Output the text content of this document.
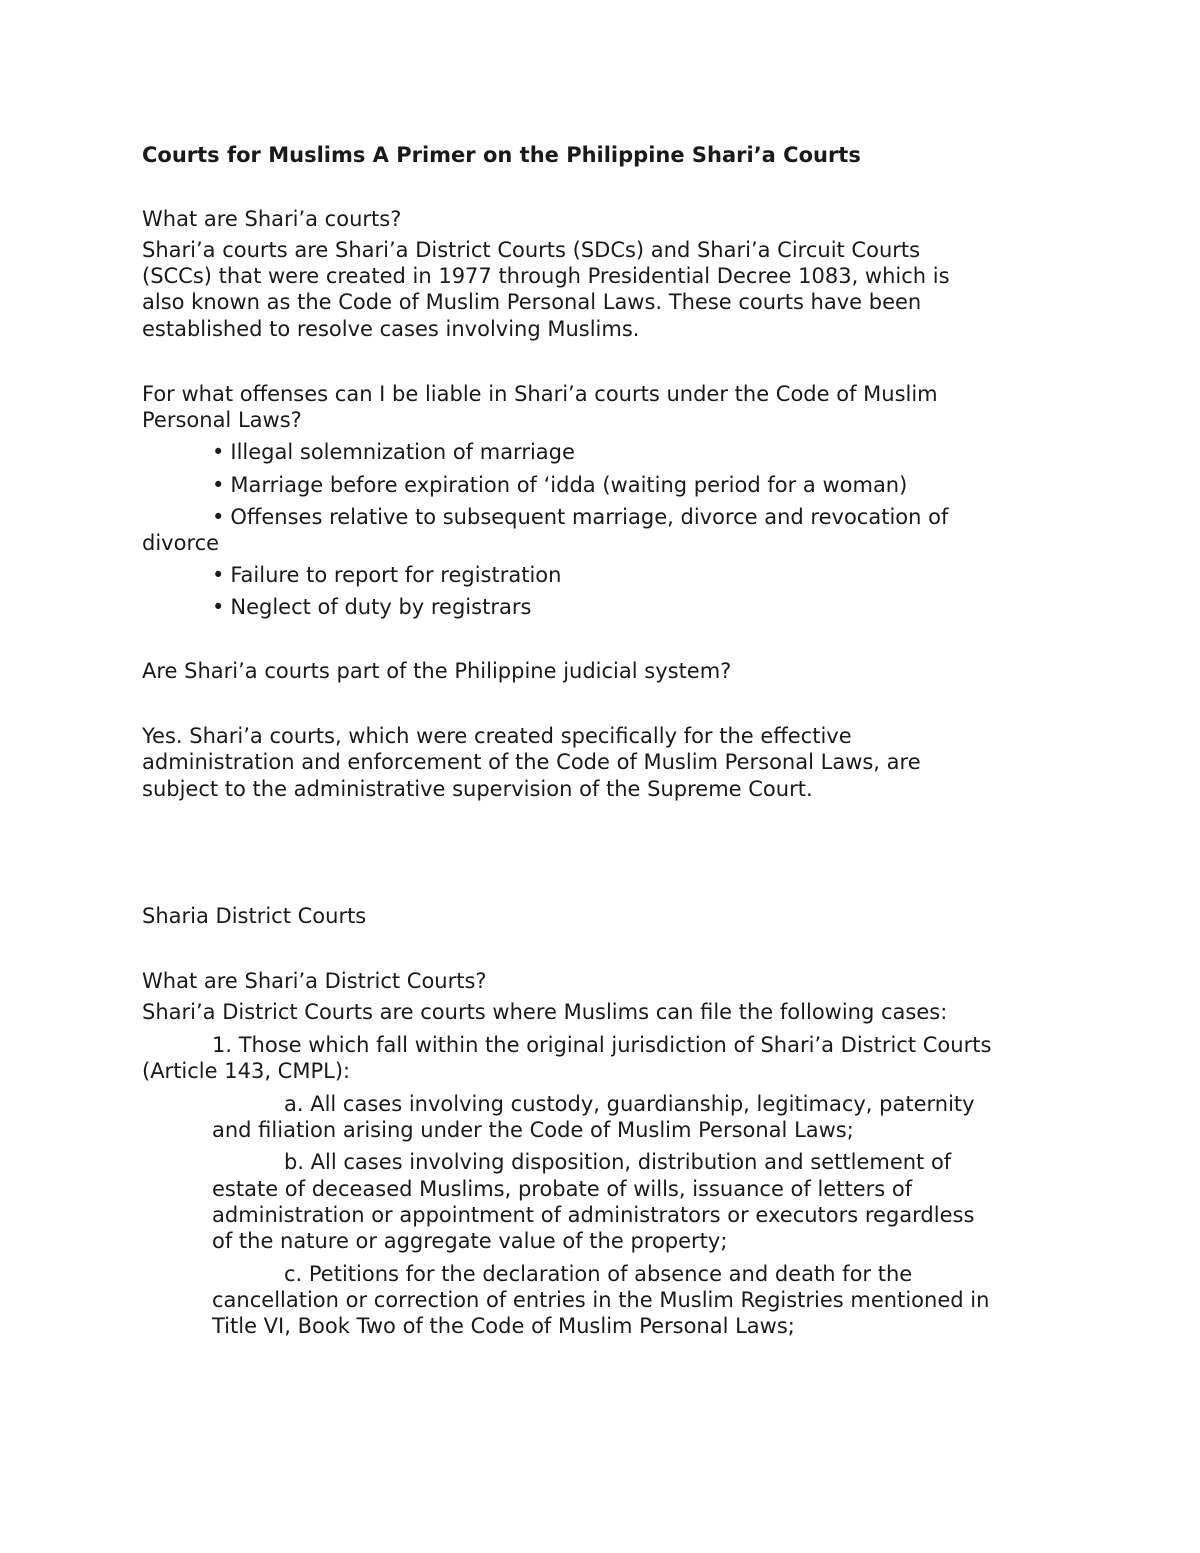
Courts for Muslims A Primer on the Philippine Shari’a Courts

What are Shari’a courts?

Shari’a courts are Shari’a District Courts (SDCs) and Shari’a Circuit Courts

(SCCs) that were created in 1977 through Presidential Decree 1083, which is

also known as the Code of Muslim Personal Laws. These courts have been

established to resolve cases involving Muslims.

For what offenses can I be liable in Shari’a courts under the Code of Muslim

Personal Laws?

• Illegal solemnization of marriage

• Marriage before expiration of ‘idda (waiting period for a woman)

• Offenses relative to subsequent marriage, divorce and revocation of

divorce

• Failure to report for registration

• Neglect of duty by registrars

Are Shari’a courts part of the Philippine judicial system?

Yes. Shari’a courts, which were created specifically for the effective

administration and enforcement of the Code of Muslim Personal Laws, are

subject to the administrative supervision of the Supreme Court.

Sharia District Courts

What are Shari’a District Courts?

Shari’a District Courts are courts where Muslims can file the following cases:

1. Those which fall within the original jurisdiction of Shari’a District Courts

(Article 143, CMPL):

a. All cases involving custody, guardianship, legitimacy, paternity

and filiation arising under the Code of Muslim Personal Laws;

b. All cases involving disposition, distribution and settlement of

estate of deceased Muslims, probate of wills, issuance of letters of

administration or appointment of administrators or executors regardless

of the nature or aggregate value of the property;

c. Petitions for the declaration of absence and death for the

cancellation or correction of entries in the Muslim Registries mentioned in

Title VI, Book Two of the Code of Muslim Personal Laws;
